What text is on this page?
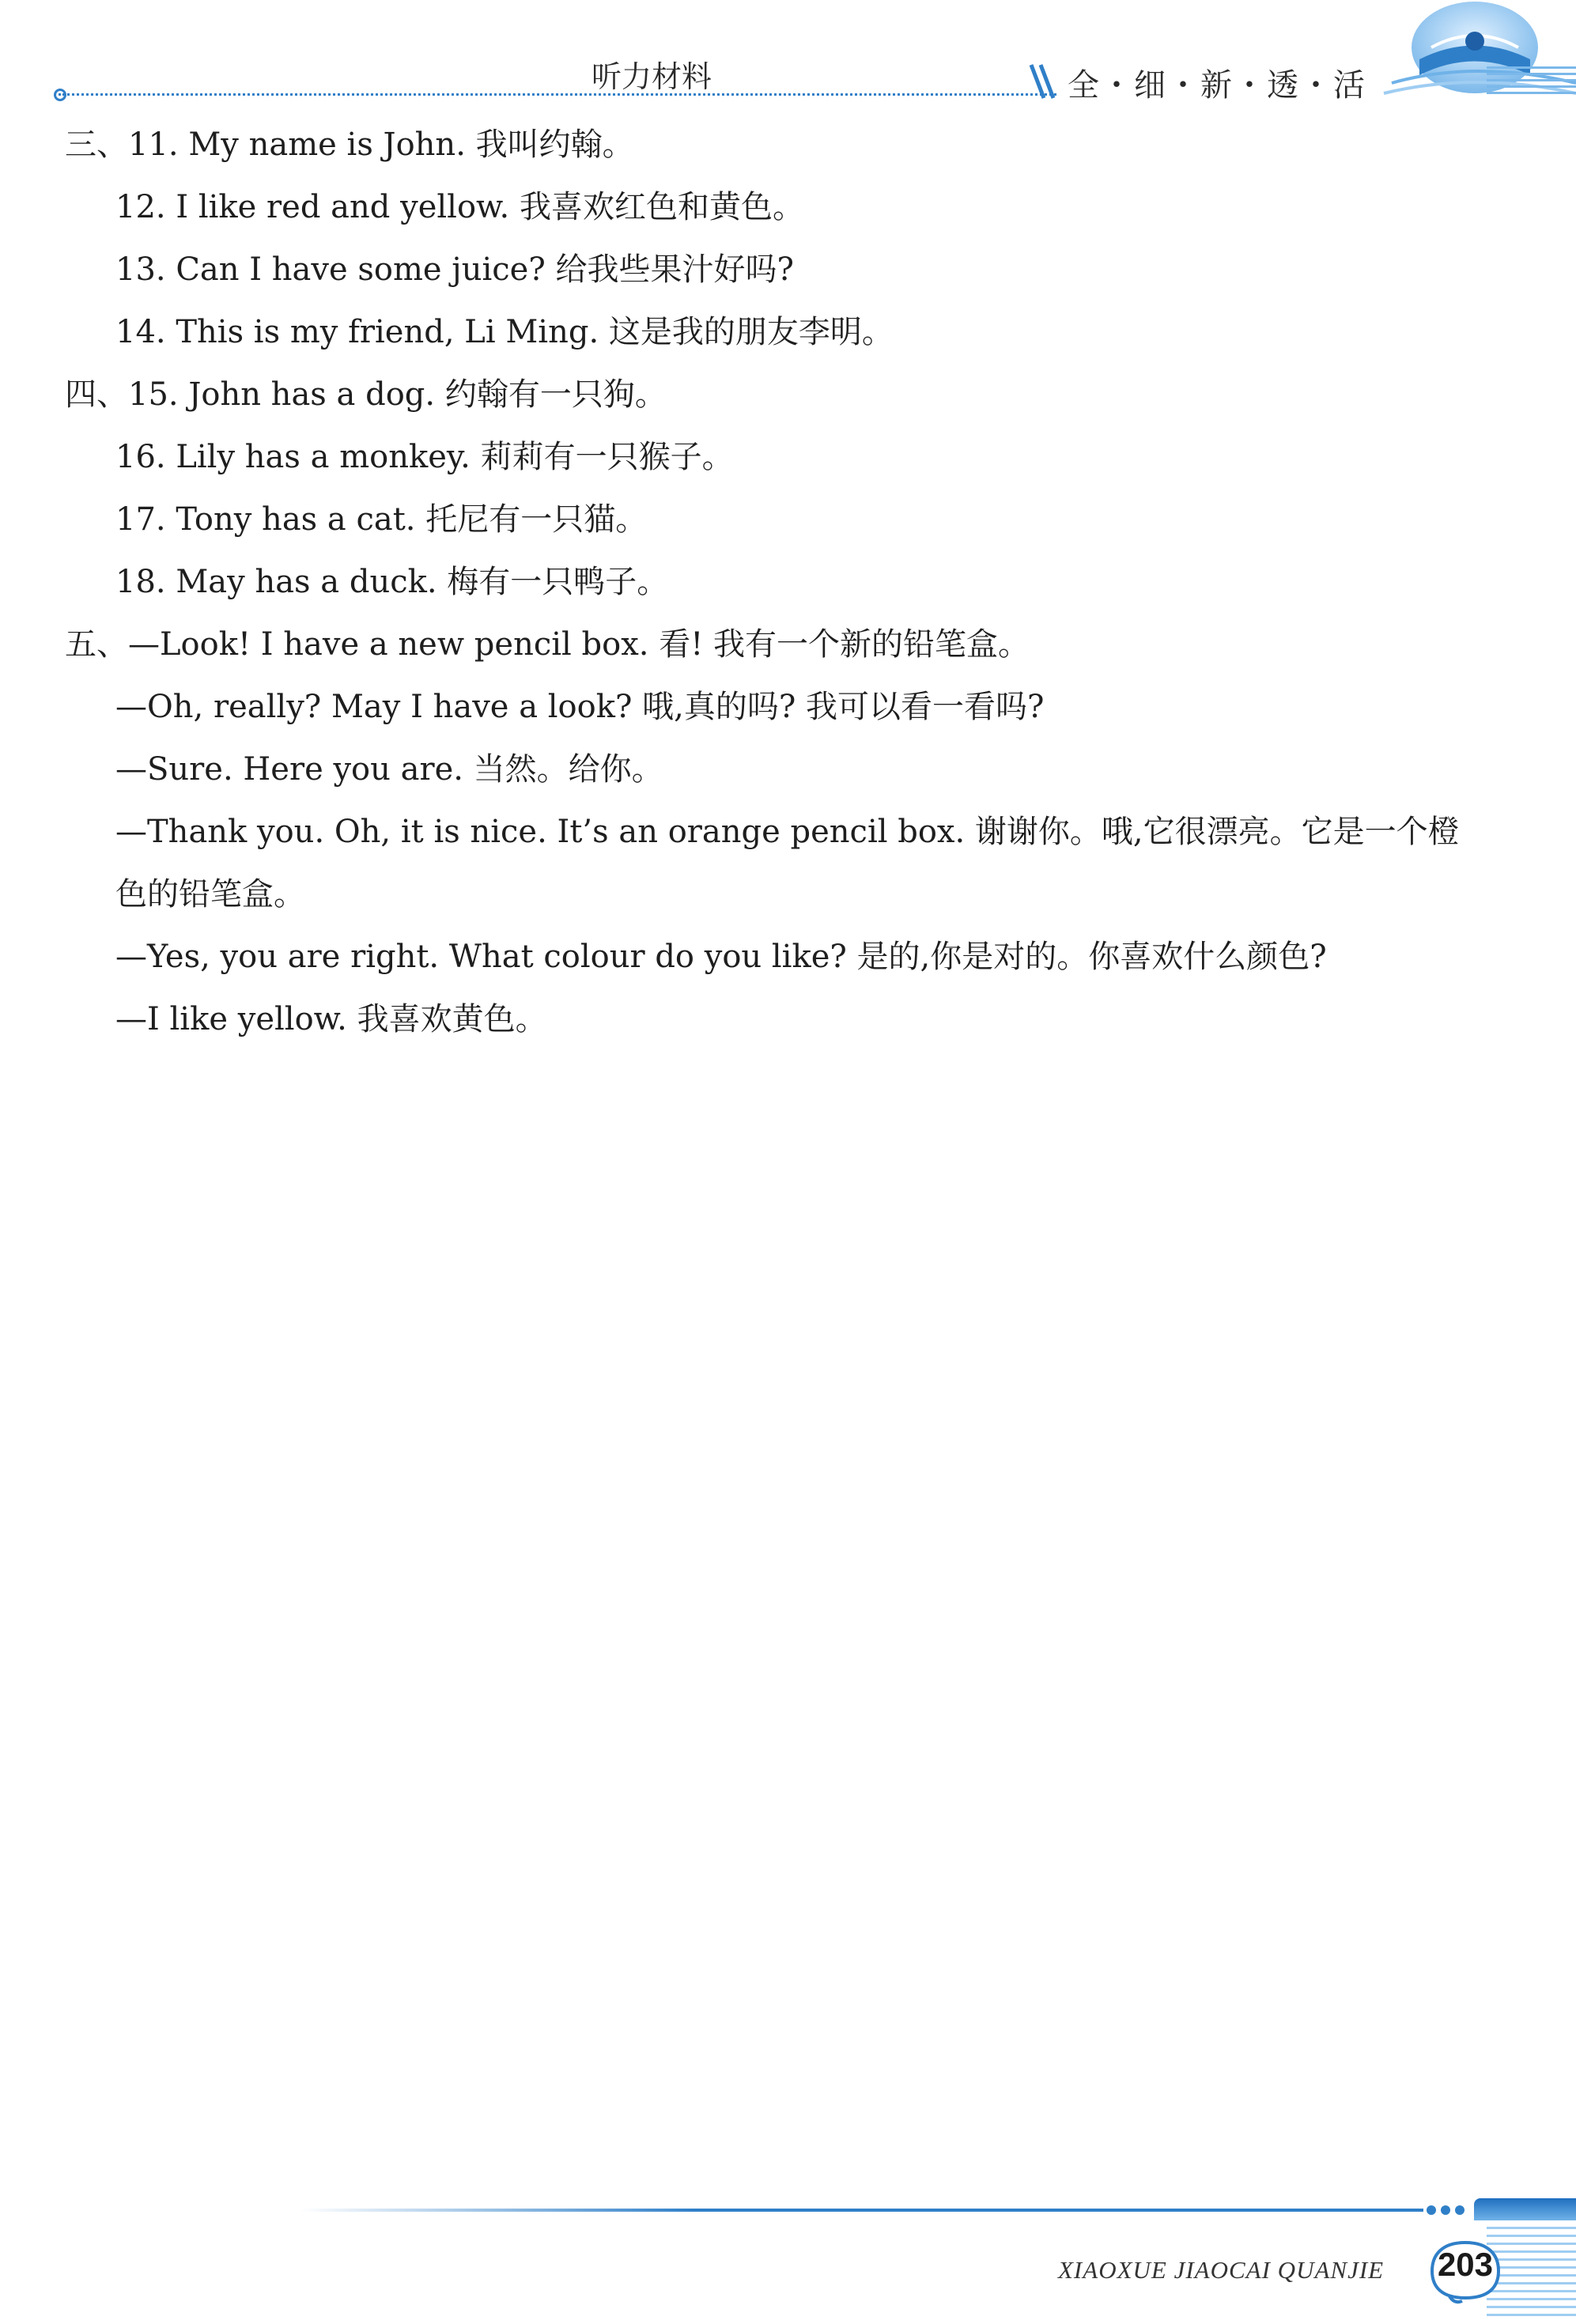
听力材料	全・细・新・透・活
三、11. My name is John. 我叫约翰。
12. I like red and yellow. 我喜欢红色和黄色。
13. Can I have some juice? 给我些果汁好吗?
14. This is my friend, Li Ming. 这是我的朋友李明。
四、15. John has a dog. 约翰有一只狗。
16. Lily has a monkey. 莉莉有一只猴子。
17. Tony has a cat. 托尼有一只猫。
18. May has a duck. 梅有一只鸭子。
五、—Look! I have a new pencil box. 看! 我有一个新的铅笔盒。
—Oh, really? May I have a look? 哦,真的吗? 我可以看一看吗?
—Sure. Here you are. 当然。给你。
—Thank you. Oh, it is nice. It’s an orange pencil box. 谢谢你。哦,它很漂亮。它是一个橙
色的铅笔盒。
—Yes, you are right. What colour do you like? 是的,你是对的。你喜欢什么颜色?
—I like yellow. 我喜欢黄色。
XIAOXUE JIAOCAI QUANJIE	203
